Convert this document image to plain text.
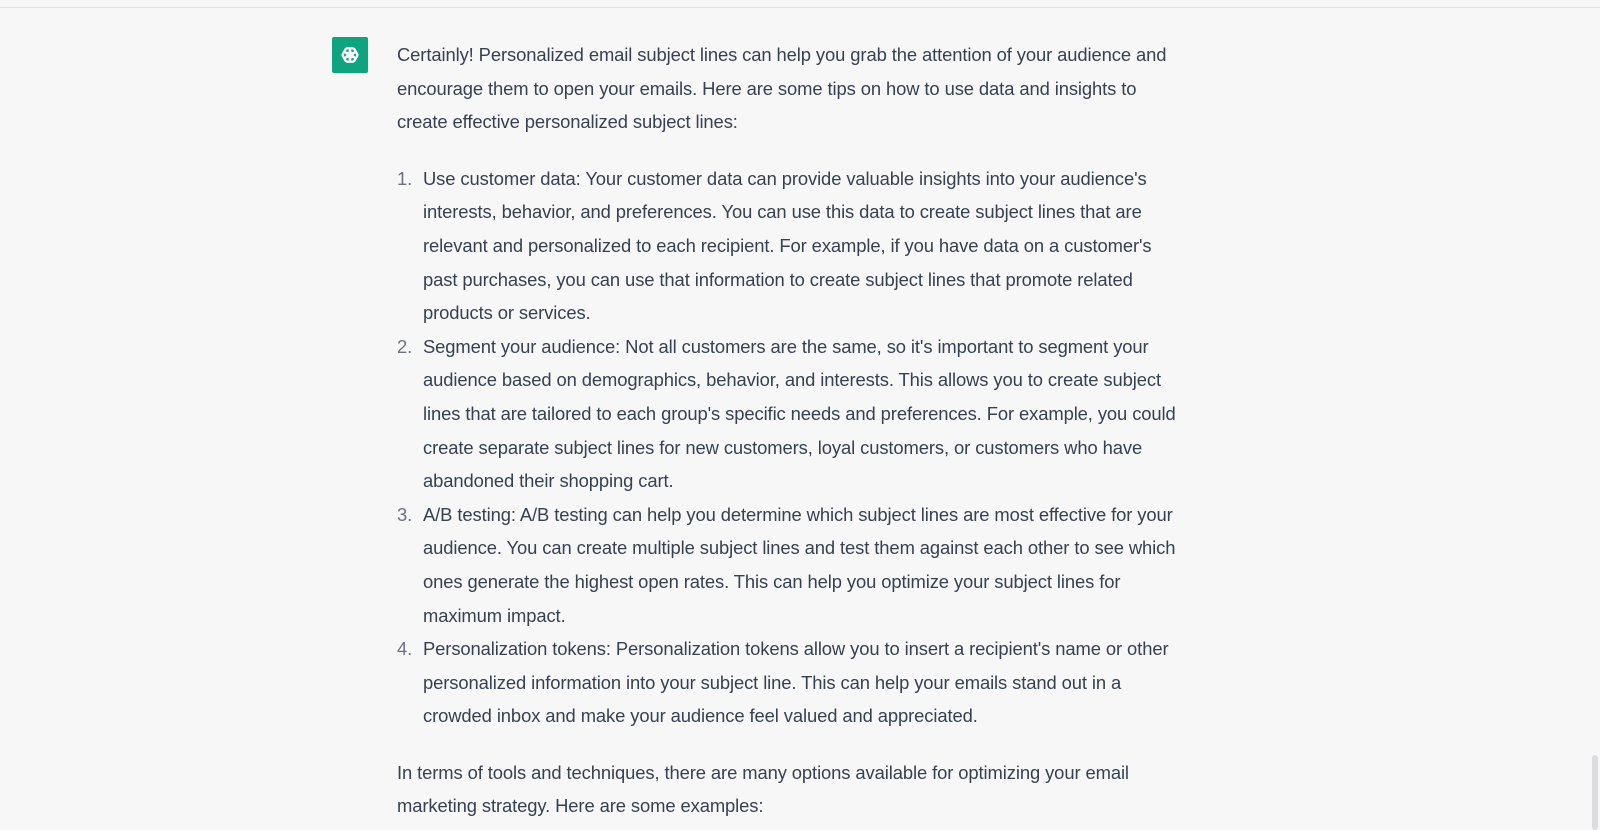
Certainly! Personalized email subject lines can help you grab the attention of your audience and encourage them to open your emails. Here are some tips on how to use data and insights to create effective personalized subject lines:

1. Use customer data: Your customer data can provide valuable insights into your audience's interests, behavior, and preferences. You can use this data to create subject lines that are relevant and personalized to each recipient. For example, if you have data on a customer's past purchases, you can use that information to create subject lines that promote related products or services.
2. Segment your audience: Not all customers are the same, so it's important to segment your audience based on demographics, behavior, and interests. This allows you to create subject lines that are tailored to each group's specific needs and preferences. For example, you could create separate subject lines for new customers, loyal customers, or customers who have abandoned their shopping cart.
3. A/B testing: A/B testing can help you determine which subject lines are most effective for your audience. You can create multiple subject lines and test them against each other to see which ones generate the highest open rates. This can help you optimize your subject lines for maximum impact.
4. Personalization tokens: Personalization tokens allow you to insert a recipient's name or other personalized information into your subject line. This can help your emails stand out in a crowded inbox and make your audience feel valued and appreciated.

In terms of tools and techniques, there are many options available for optimizing your email marketing strategy. Here are some examples:
